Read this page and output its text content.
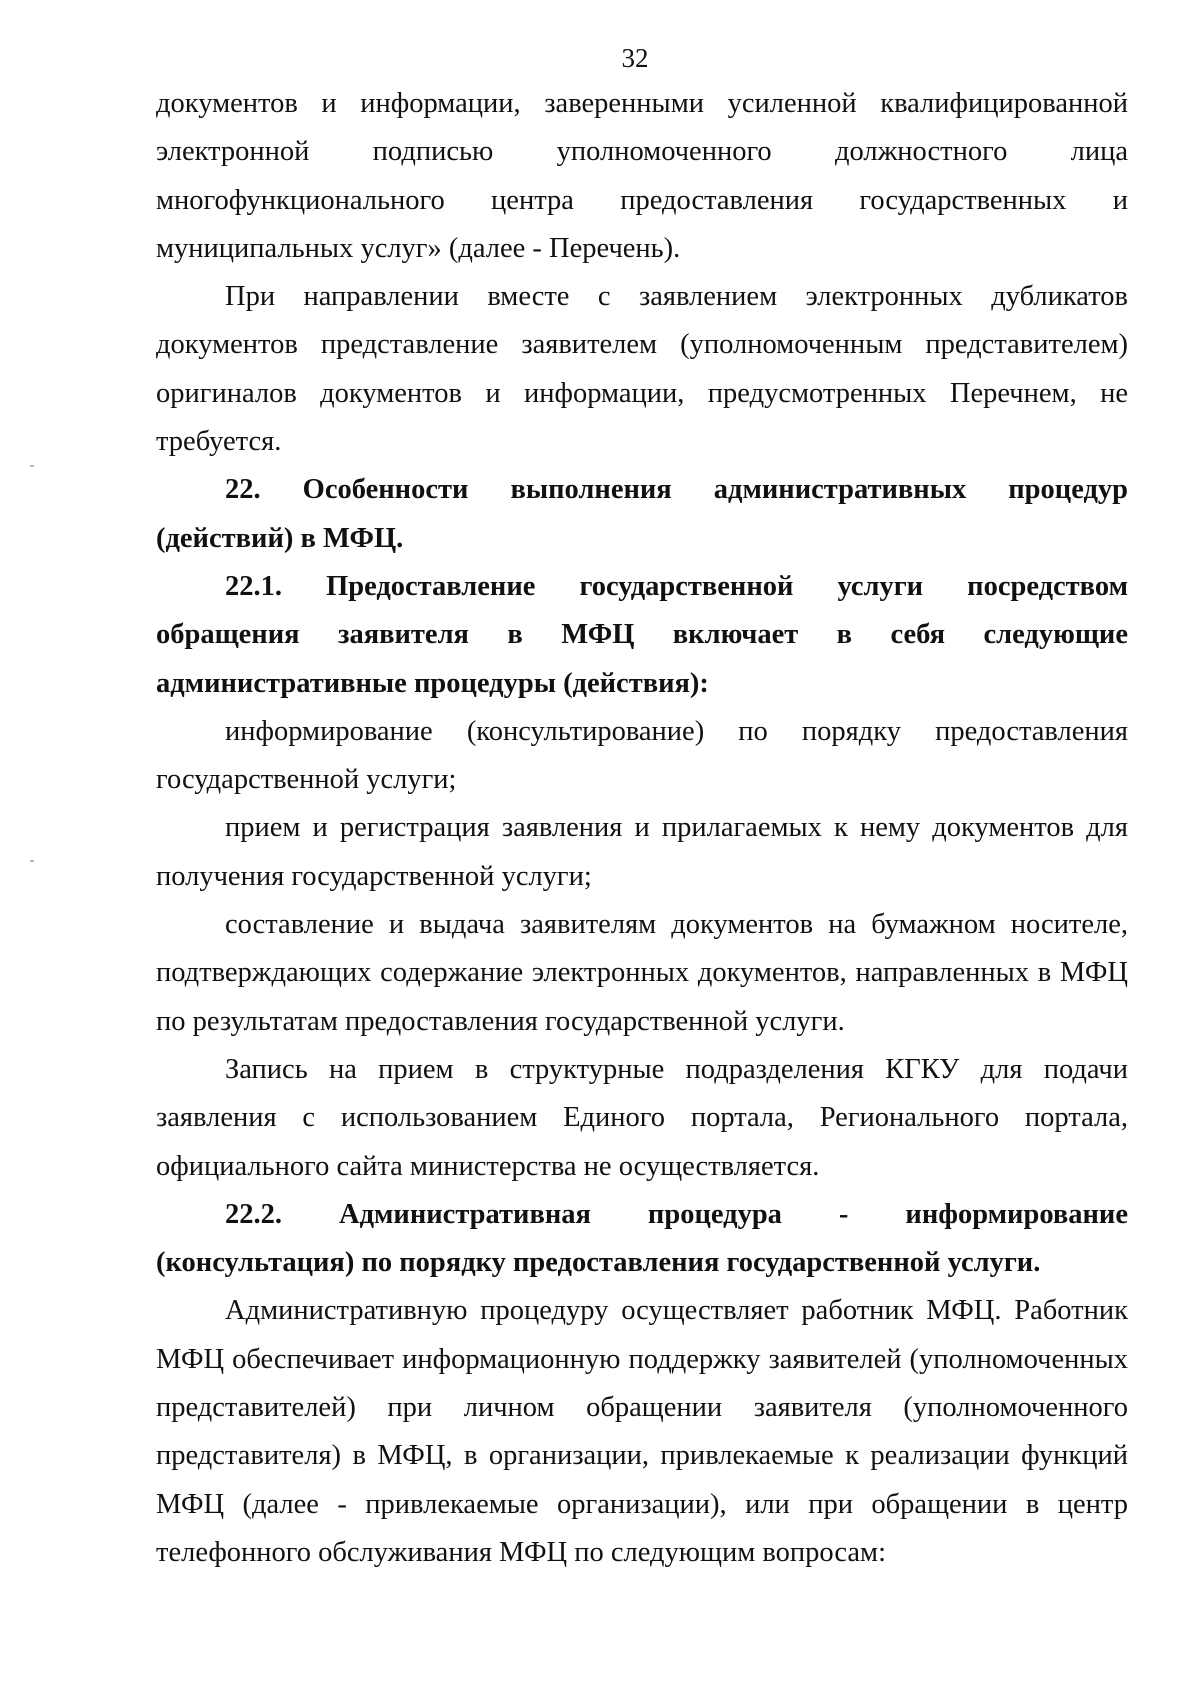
32

документов и информации, заверенными усиленной квалифицированной электронной подписью уполномоченного должностного лица многофункционального центра предоставления государственных и муниципальных услуг» (далее - Перечень).

При направлении вместе с заявлением электронных дубликатов документов представление заявителем (уполномоченным представителем) оригиналов документов и информации, предусмотренных Перечнем, не требуется.

22. Особенности выполнения административных процедур (действий) в МФЦ.

22.1. Предоставление государственной услуги посредством обращения заявителя в МФЦ включает в себя следующие административные процедуры (действия):

информирование (консультирование) по порядку предоставления государственной услуги;

прием и регистрация заявления и прилагаемых к нему документов для получения государственной услуги;

составление и выдача заявителям документов на бумажном носителе, подтверждающих содержание электронных документов, направленных в МФЦ по результатам предоставления государственной услуги.

Запись на прием в структурные подразделения КГКУ для подачи заявления с использованием Единого портала, Регионального портала, официального сайта министерства не осуществляется.

22.2. Административная процедура - информирование (консультация) по порядку предоставления государственной услуги.

Административную процедуру осуществляет работник МФЦ. Работник МФЦ обеспечивает информационную поддержку заявителей (уполномоченных представителей) при личном обращении заявителя (уполномоченного представителя) в МФЦ, в организации, привлекаемые к реализации функций МФЦ (далее - привлекаемые организации), или при обращении в центр телефонного обслуживания МФЦ по следующим вопросам:
